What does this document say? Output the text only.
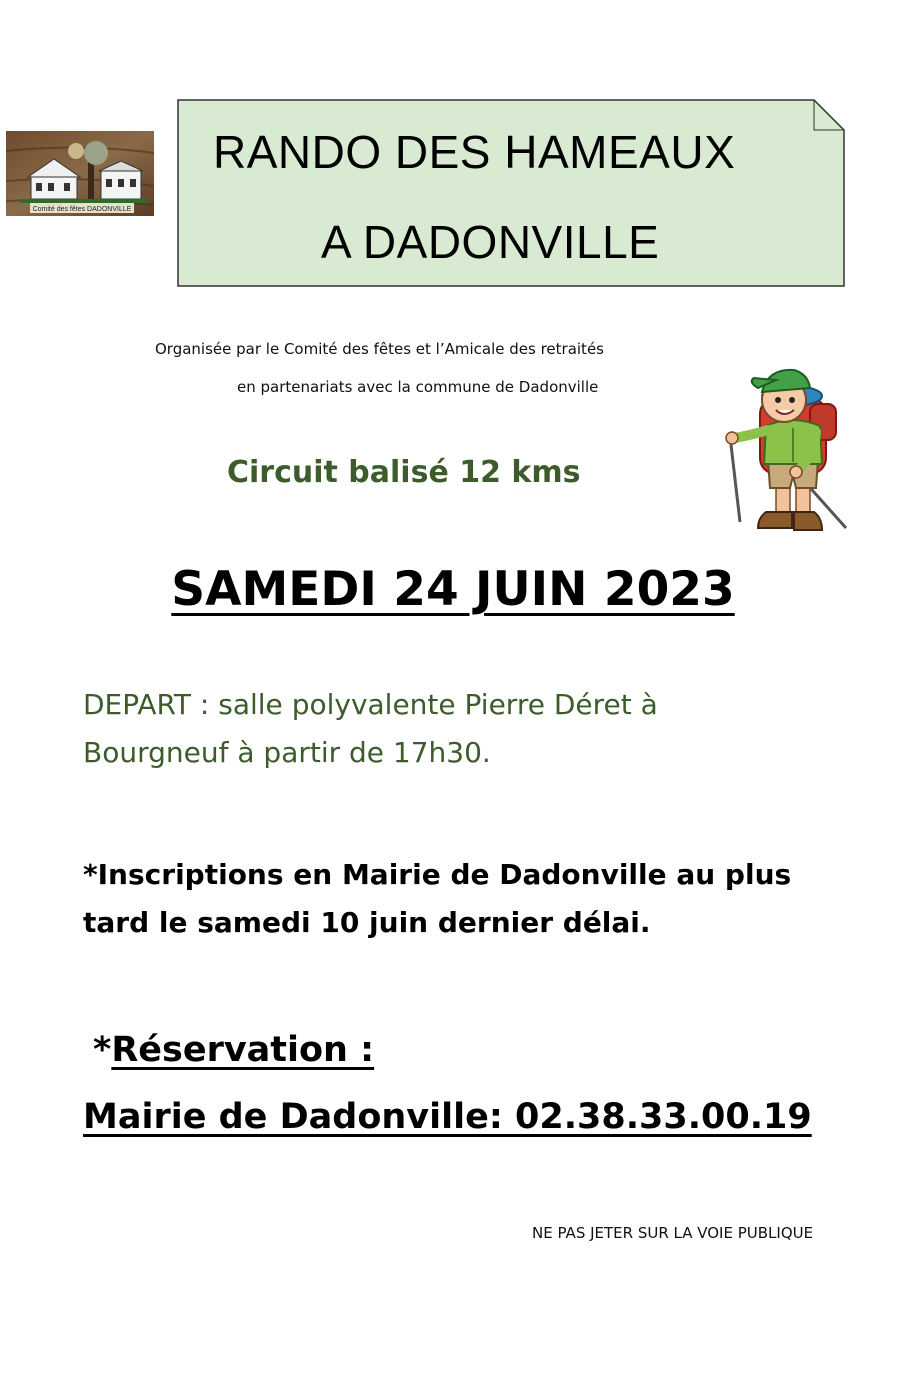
Comité des fêtes DADONVILLE
RANDO DES HAMEAUX
A DADONVILLE
Organisée par le Comité des fêtes et l’Amicale des retraités
en partenariats avec la commune de Dadonville
Circuit balisé 12 kms
SAMEDI 24 JUIN 2023
DEPART : salle polyvalente Pierre Déret à
Bourgneuf à partir de 17h30.
*Inscriptions en Mairie de Dadonville au plus
tard le samedi 10 juin dernier délai.
*Réservation :
Mairie de Dadonville: 02.38.33.00.19
NE PAS JETER SUR LA VOIE PUBLIQUE
